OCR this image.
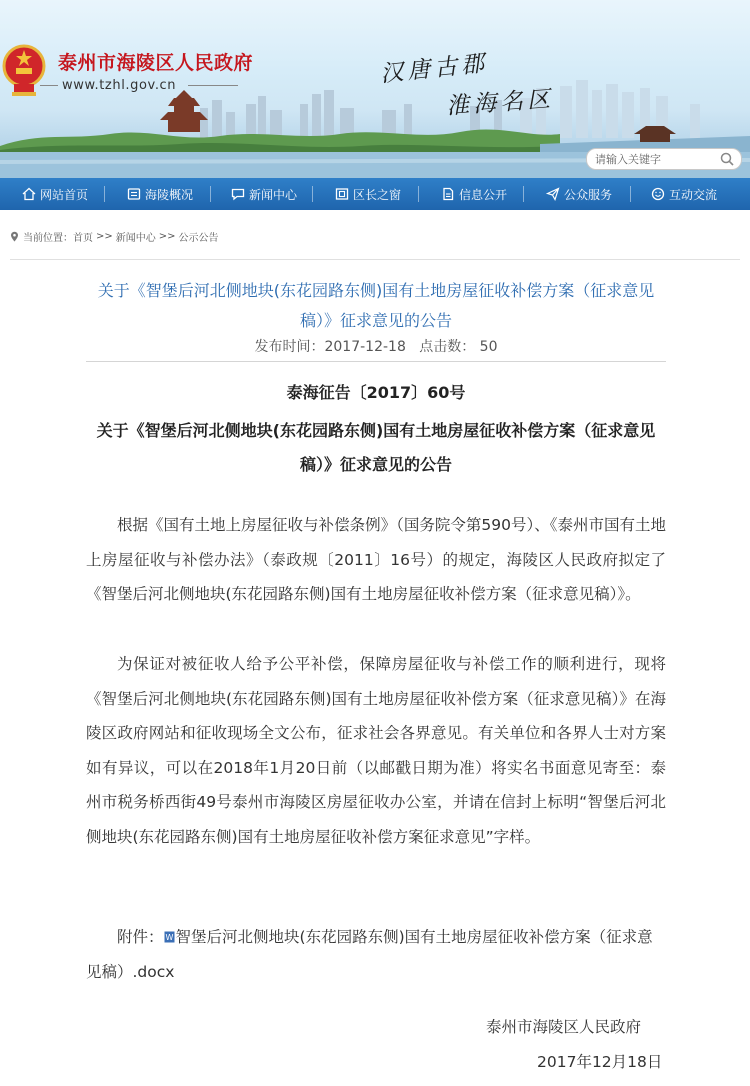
泰州市海陵区人民政府
www.tzhl.gov.cn	汉唐古郡
淮海名区
请输入关键字
网站首页	海陵概况	新闻中心	区长之窗	信息公开	公众服务	互动交流
当前位置： 首页 >> 新闻中心 >> 公示公告
关于《智堡后河北侧地块(东花园路东侧)国有土地房屋征收补偿方案（征求意见稿）》征求意见的公告
发布时间：2017-12-18 点击数： 50
泰海征告〔2017〕60号
关于《智堡后河北侧地块(东花园路东侧)国有土地房屋征收补偿方案（征求意见稿）》征求意见的公告
根据《国有土地上房屋征收与补偿条例》（国务院令第590号）、《泰州市国有土地上房屋征收与补偿办法》（泰政规〔2011〕16号）的规定，海陵区人民政府拟定了《智堡后河北侧地块(东花园路东侧)国有土地房屋征收补偿方案（征求意见稿）》。
为保证对被征收人给予公平补偿，保障房屋征收与补偿工作的顺利进行，现将《智堡后河北侧地块(东花园路东侧)国有土地房屋征收补偿方案（征求意见稿）》在海陵区政府网站和征收现场全文公布，征求社会各界意见。有关单位和各界人士对方案如有异议，可以在2018年1月20日前（以邮戳日期为准）将实名书面意见寄至：泰州市税务桥西街49号泰州市海陵区房屋征收办公室，并请在信封上标明“智堡后河北侧地块(东花园路东侧)国有土地房屋征收补偿方案征求意见”字样。
附件： W 智堡后河北侧地块(东花园路东侧)国有土地房屋征收补偿方案（征求意见稿）.docx
泰州市海陵区人民政府
2017年12月18日
